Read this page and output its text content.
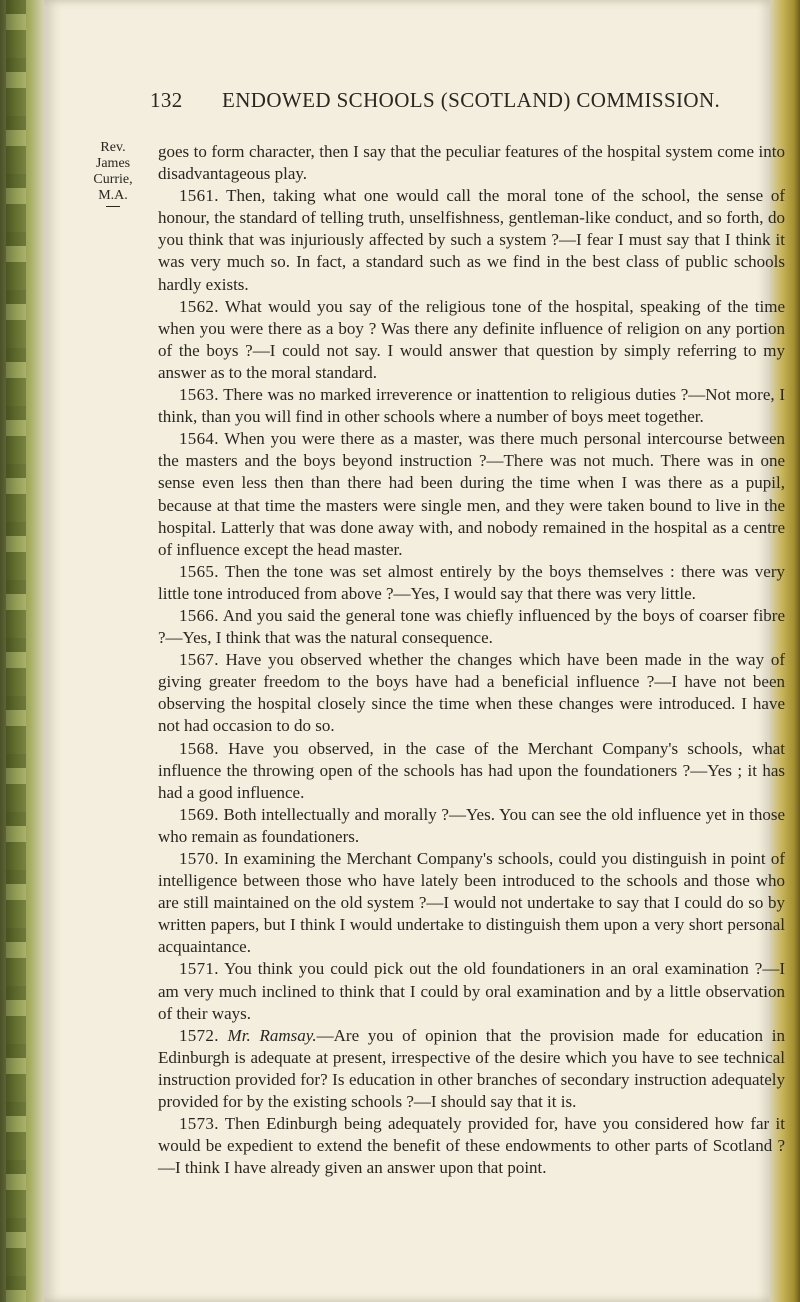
132 ENDOWED SCHOOLS (SCOTLAND) COMMISSION.
Rev. James
Currie,
M.A.

goes to form character, then I say that the peculiar features of the hospital system come into disadvantageous play.

1561. Then, taking what one would call the moral tone of the school, the sense of honour, the standard of telling truth, unselfishness, gentleman-like conduct, and so forth, do you think that was injuriously affected by such a system ?—I fear I must say that I think it was very much so. In fact, a standard such as we find in the best class of public schools hardly exists.

1562. What would you say of the religious tone of the hospital, speaking of the time when you were there as a boy ? Was there any definite influence of religion on any portion of the boys ?—I could not say. I would answer that question by simply referring to my answer as to the moral standard.

1563. There was no marked irreverence or inattention to religious duties ?—Not more, I think, than you will find in other schools where a number of boys meet together.

1564. When you were there as a master, was there much personal intercourse between the masters and the boys beyond instruction ?—There was not much. There was in one sense even less then than there had been during the time when I was there as a pupil, because at that time the masters were single men, and they were taken bound to live in the hospital. Latterly that was done away with, and nobody remained in the hospital as a centre of influence except the head master.

1565. Then the tone was set almost entirely by the boys themselves : there was very little tone introduced from above ?—Yes, I would say that there was very little.

1566. And you said the general tone was chiefly influenced by the boys of coarser fibre ?—Yes, I think that was the natural consequence.

1567. Have you observed whether the changes which have been made in the way of giving greater freedom to the boys have had a beneficial influence ?—I have not been observing the hospital closely since the time when these changes were introduced. I have not had occasion to do so.

1568. Have you observed, in the case of the Merchant Company's schools, what influence the throwing open of the schools has had upon the foundationers ?—Yes ; it has had a good influence.

1569. Both intellectually and morally ?—Yes. You can see the old influence yet in those who remain as foundationers.

1570. In examining the Merchant Company's schools, could you distinguish in point of intelligence between those who have lately been introduced to the schools and those who are still maintained on the old system ?—I would not undertake to say that I could do so by written papers, but I think I would undertake to distinguish them upon a very short personal acquaintance.

1571. You think you could pick out the old foundationers in an oral examination ?—I am very much inclined to think that I could by oral examination and by a little observation of their ways.

1572. Mr. Ramsay.—Are you of opinion that the provision made for education in Edinburgh is adequate at present, irrespective of the desire which you have to see technical instruction provided for? Is education in other branches of secondary instruction adequately provided for by the existing schools ?—I should say that it is.

1573. Then Edinburgh being adequately provided for, have you considered how far it would be expedient to extend the benefit of these endowments to other parts of Scotland ?—I think I have already given an answer upon that point.
